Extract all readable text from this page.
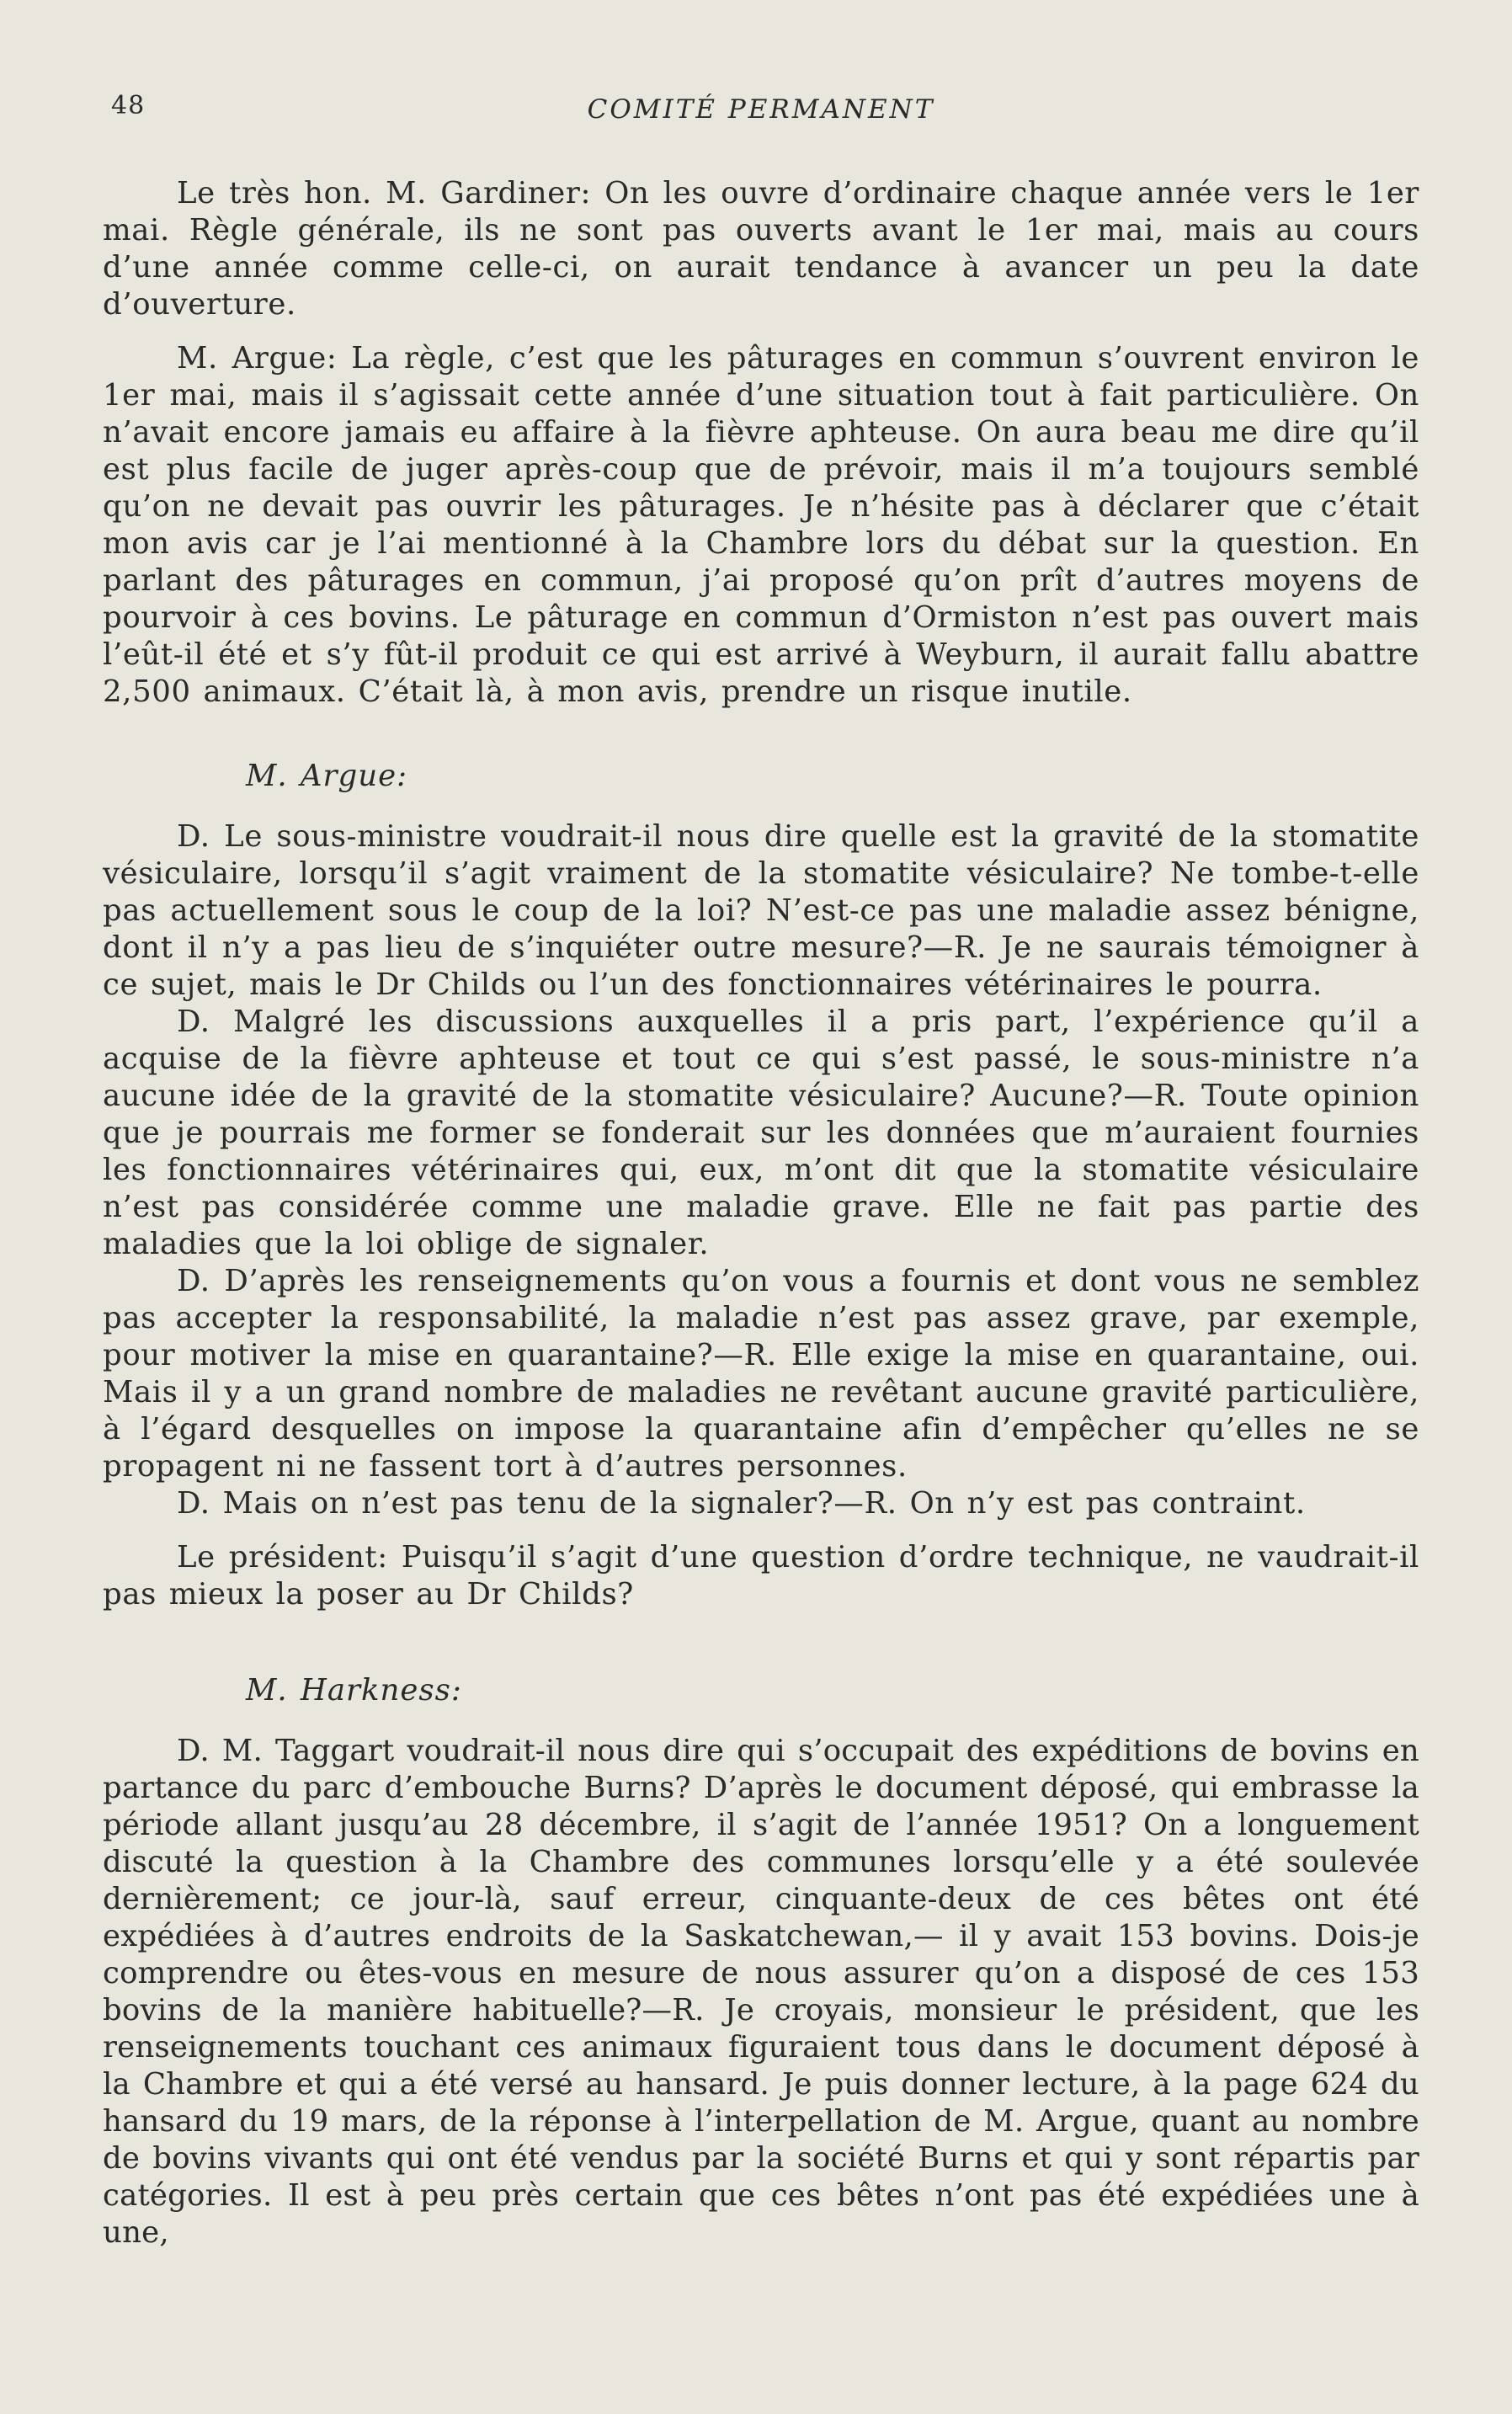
48	COMITÉ PERMANENT

Le très hon. M. Gardiner: On les ouvre d’ordinaire chaque année vers le 1er mai. Règle générale, ils ne sont pas ouverts avant le 1er mai, mais au cours d’une année comme celle-ci, on aurait tendance à avancer un peu la date d’ouverture.

M. Argue: La règle, c’est que les pâturages en commun s’ouvrent environ le 1er mai, mais il s’agissait cette année d’une situation tout à fait particulière. On n’avait encore jamais eu affaire à la fièvre aphteuse. On aura beau me dire qu’il est plus facile de juger après-coup que de prévoir, mais il m’a toujours semblé qu’on ne devait pas ouvrir les pâturages. Je n’hésite pas à déclarer que c’était mon avis car je l’ai mentionné à la Chambre lors du débat sur la question. En parlant des pâturages en commun, j’ai proposé qu’on prît d’autres moyens de pourvoir à ces bovins. Le pâturage en commun d’Ormiston n’est pas ouvert mais l’eût-il été et s’y fût-il produit ce qui est arrivé à Weyburn, il aurait fallu abattre 2,500 animaux. C’était là, à mon avis, prendre un risque inutile.

M. Argue:

D. Le sous-ministre voudrait-il nous dire quelle est la gravité de la stomatite vésiculaire, lorsqu’il s’agit vraiment de la stomatite vésiculaire? Ne tombe-t-elle pas actuellement sous le coup de la loi? N’est-ce pas une maladie assez bénigne, dont il n’y a pas lieu de s’inquiéter outre mesure?—R. Je ne saurais témoigner à ce sujet, mais le Dr Childs ou l’un des fonctionnaires vétérinaires le pourra.

D. Malgré les discussions auxquelles il a pris part, l’expérience qu’il a acquise de la fièvre aphteuse et tout ce qui s’est passé, le sous-ministre n’a aucune idée de la gravité de la stomatite vésiculaire? Aucune?—R. Toute opinion que je pourrais me former se fonderait sur les données que m’auraient fournies les fonctionnaires vétérinaires qui, eux, m’ont dit que la stomatite vésiculaire n’est pas considérée comme une maladie grave. Elle ne fait pas partie des maladies que la loi oblige de signaler.

D. D’après les renseignements qu’on vous a fournis et dont vous ne semblez pas accepter la responsabilité, la maladie n’est pas assez grave, par exemple, pour motiver la mise en quarantaine?—R. Elle exige la mise en quarantaine, oui. Mais il y a un grand nombre de maladies ne revêtant aucune gravité particulière, à l’égard desquelles on impose la quarantaine afin d’empêcher qu’elles ne se propagent ni ne fassent tort à d’autres personnes.

D. Mais on n’est pas tenu de la signaler?—R. On n’y est pas contraint.

Le président: Puisqu’il s’agit d’une question d’ordre technique, ne vaudrait-il pas mieux la poser au Dr Childs?

M. Harkness:

D. M. Taggart voudrait-il nous dire qui s’occupait des expéditions de bovins en partance du parc d’embouche Burns? D’après le document déposé, qui embrasse la période allant jusqu’au 28 décembre, il s’agit de l’année 1951? On a longuement discuté la question à la Chambre des communes lorsqu’elle y a été soulevée dernièrement; ce jour-là, sauf erreur, cinquante-deux de ces bêtes ont été expédiées à d’autres endroits de la Saskatchewan,— il y avait 153 bovins. Dois-je comprendre ou êtes-vous en mesure de nous assurer qu’on a disposé de ces 153 bovins de la manière habituelle?—R. Je croyais, monsieur le président, que les renseignements touchant ces animaux figuraient tous dans le document déposé à la Chambre et qui a été versé au hansard. Je puis donner lecture, à la page 624 du hansard du 19 mars, de la réponse à l’interpellation de M. Argue, quant au nombre de bovins vivants qui ont été vendus par la société Burns et qui y sont répartis par catégories. Il est à peu près certain que ces bêtes n’ont pas été expédiées une à une,
